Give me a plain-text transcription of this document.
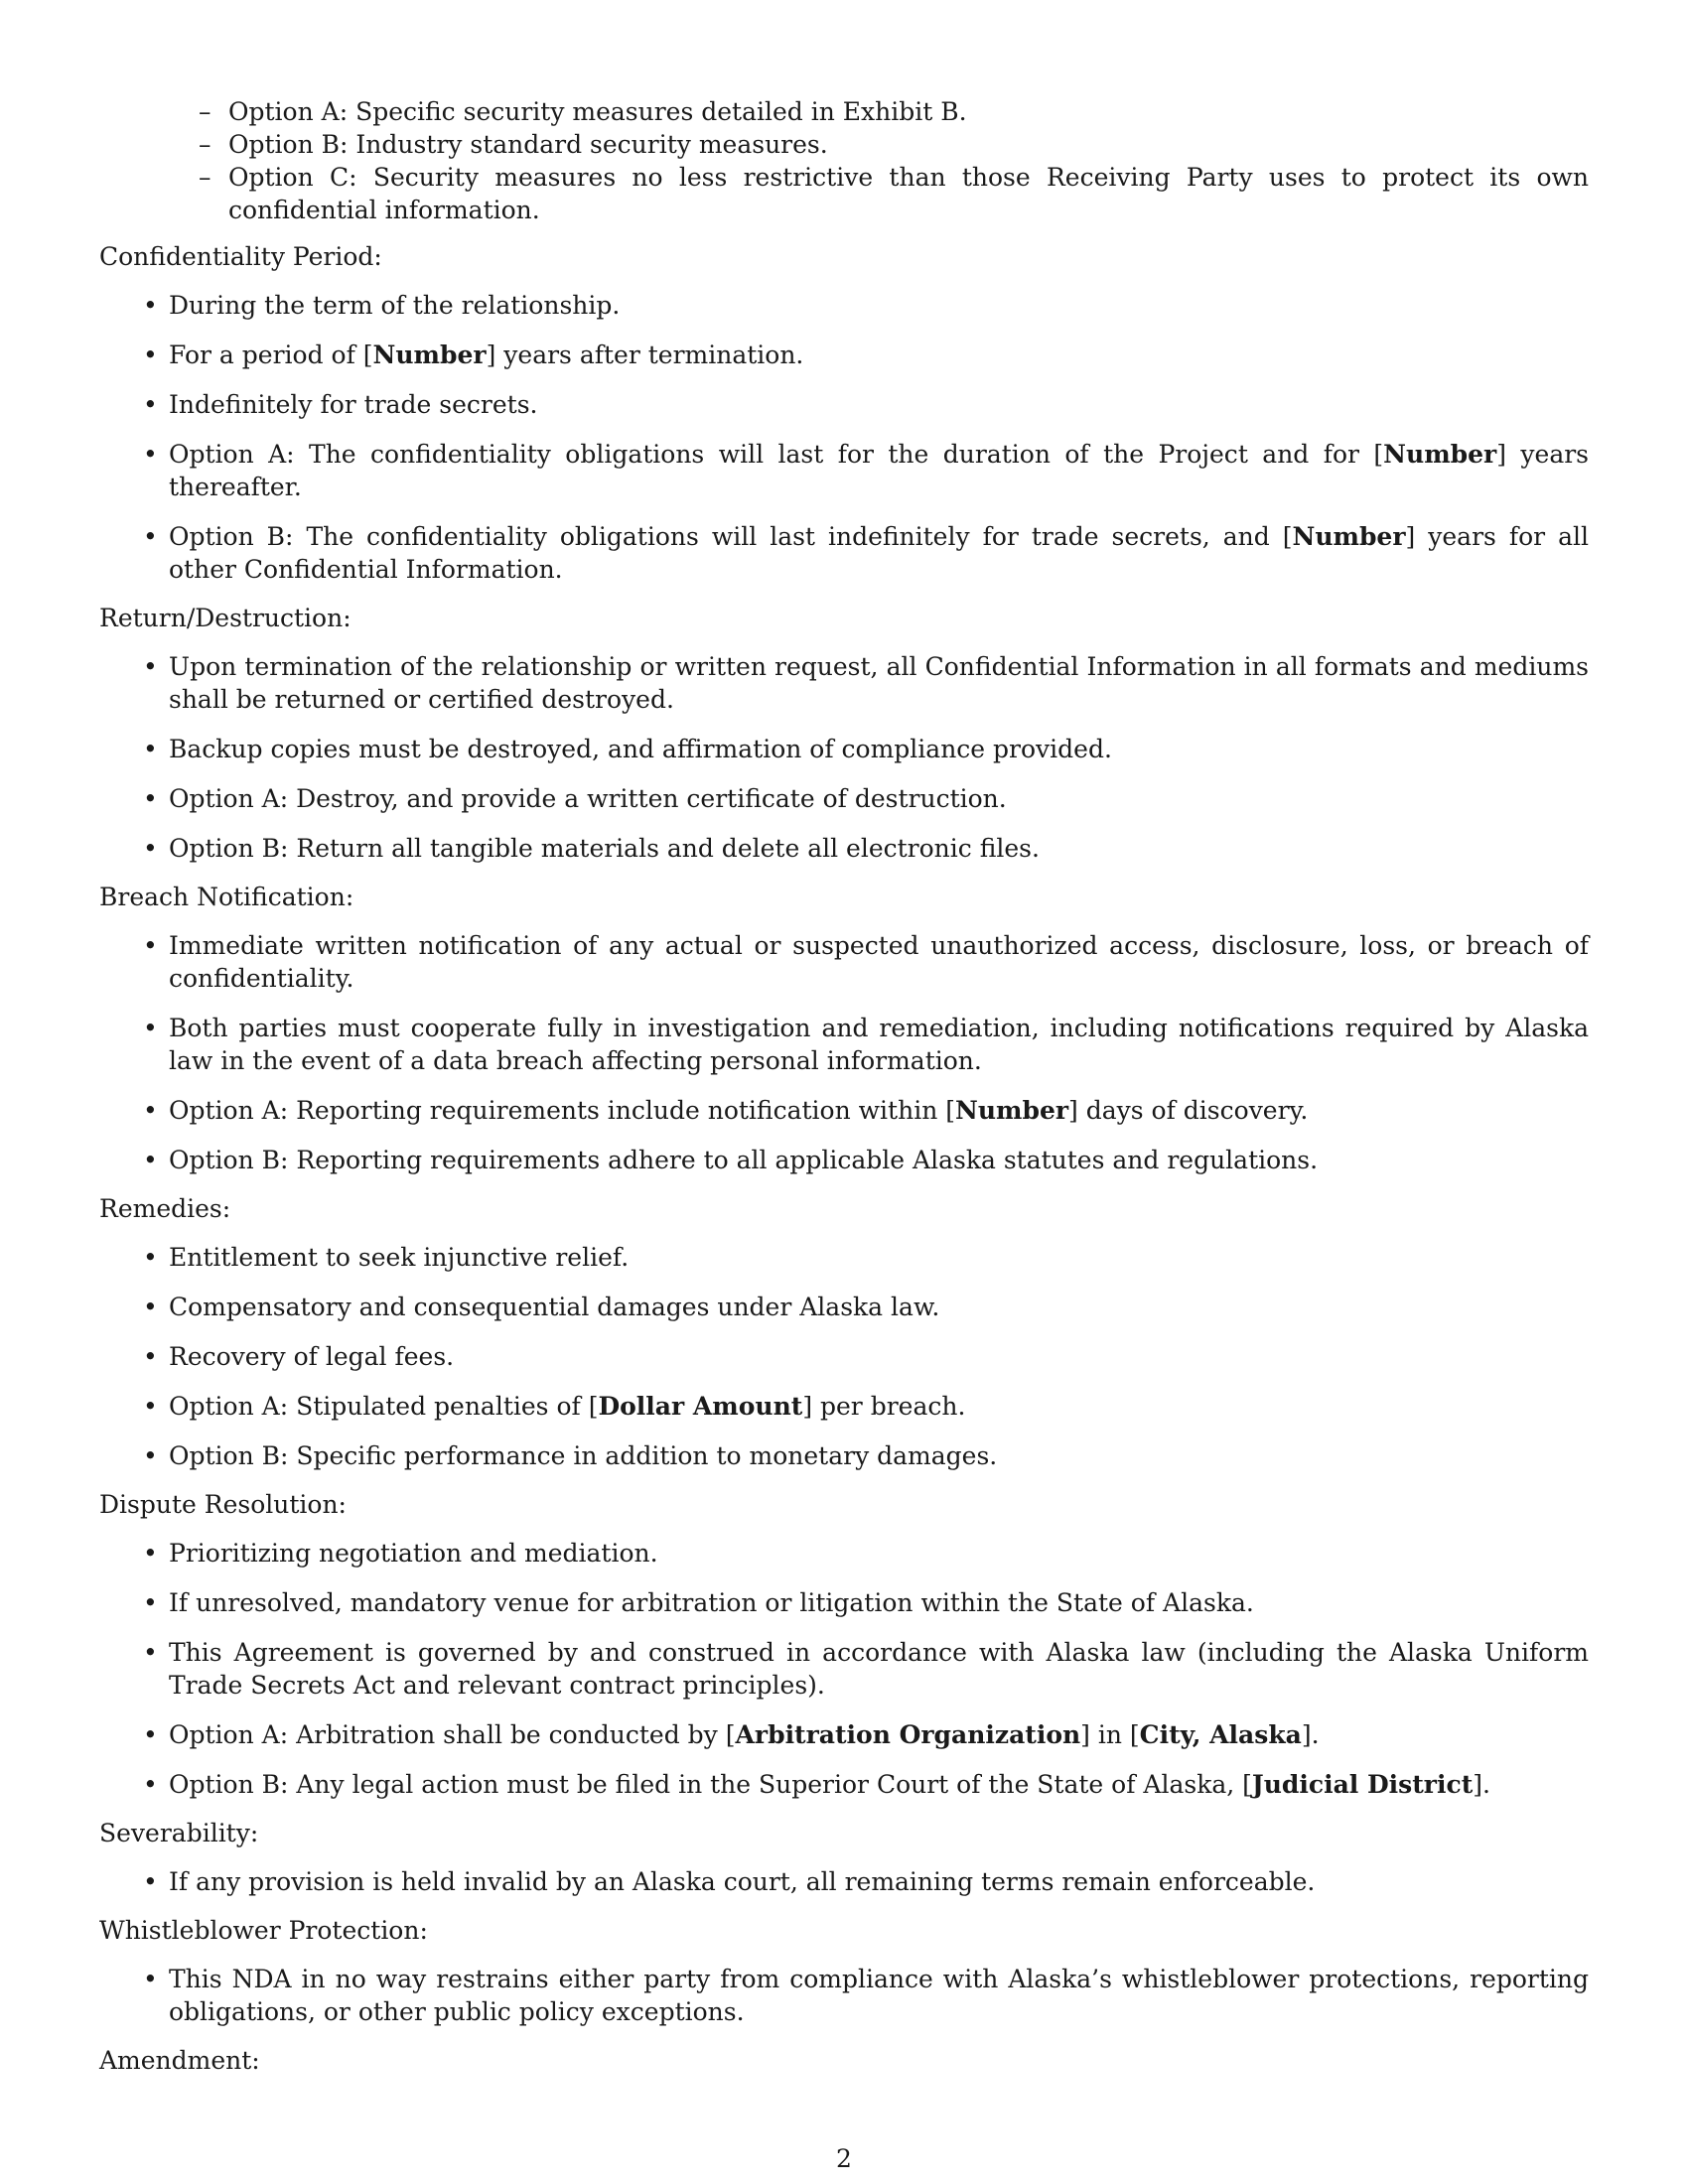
– Option A: Specific security measures detailed in Exhibit B.
– Option B: Industry standard security measures.
– Option C: Security measures no less restrictive than those Receiving Party uses to protect its own confidential information.
Confidentiality Period:
• During the term of the relationship.
• For a period of [Number] years after termination.
• Indefinitely for trade secrets.
• Option A: The confidentiality obligations will last for the duration of the Project and for [Number] years thereafter.
• Option B: The confidentiality obligations will last indefinitely for trade secrets, and [Number] years for all other Confidential Information.
Return/Destruction:
• Upon termination of the relationship or written request, all Confidential Information in all formats and mediums shall be returned or certified destroyed.
• Backup copies must be destroyed, and affirmation of compliance provided.
• Option A: Destroy, and provide a written certificate of destruction.
• Option B: Return all tangible materials and delete all electronic files.
Breach Notification:
• Immediate written notification of any actual or suspected unauthorized access, disclosure, loss, or breach of confidentiality.
• Both parties must cooperate fully in investigation and remediation, including notifications required by Alaska law in the event of a data breach affecting personal information.
• Option A: Reporting requirements include notification within [Number] days of discovery.
• Option B: Reporting requirements adhere to all applicable Alaska statutes and regulations.
Remedies:
• Entitlement to seek injunctive relief.
• Compensatory and consequential damages under Alaska law.
• Recovery of legal fees.
• Option A: Stipulated penalties of [Dollar Amount] per breach.
• Option B: Specific performance in addition to monetary damages.
Dispute Resolution:
• Prioritizing negotiation and mediation.
• If unresolved, mandatory venue for arbitration or litigation within the State of Alaska.
• This Agreement is governed by and construed in accordance with Alaska law (including the Alaska Uniform Trade Secrets Act and relevant contract principles).
• Option A: Arbitration shall be conducted by [Arbitration Organization] in [City, Alaska].
• Option B: Any legal action must be filed in the Superior Court of the State of Alaska, [Judicial District].
Severability:
• If any provision is held invalid by an Alaska court, all remaining terms remain enforceable.
Whistleblower Protection:
• This NDA in no way restrains either party from compliance with Alaska’s whistleblower protections, reporting obligations, or other public policy exceptions.
Amendment:
2
